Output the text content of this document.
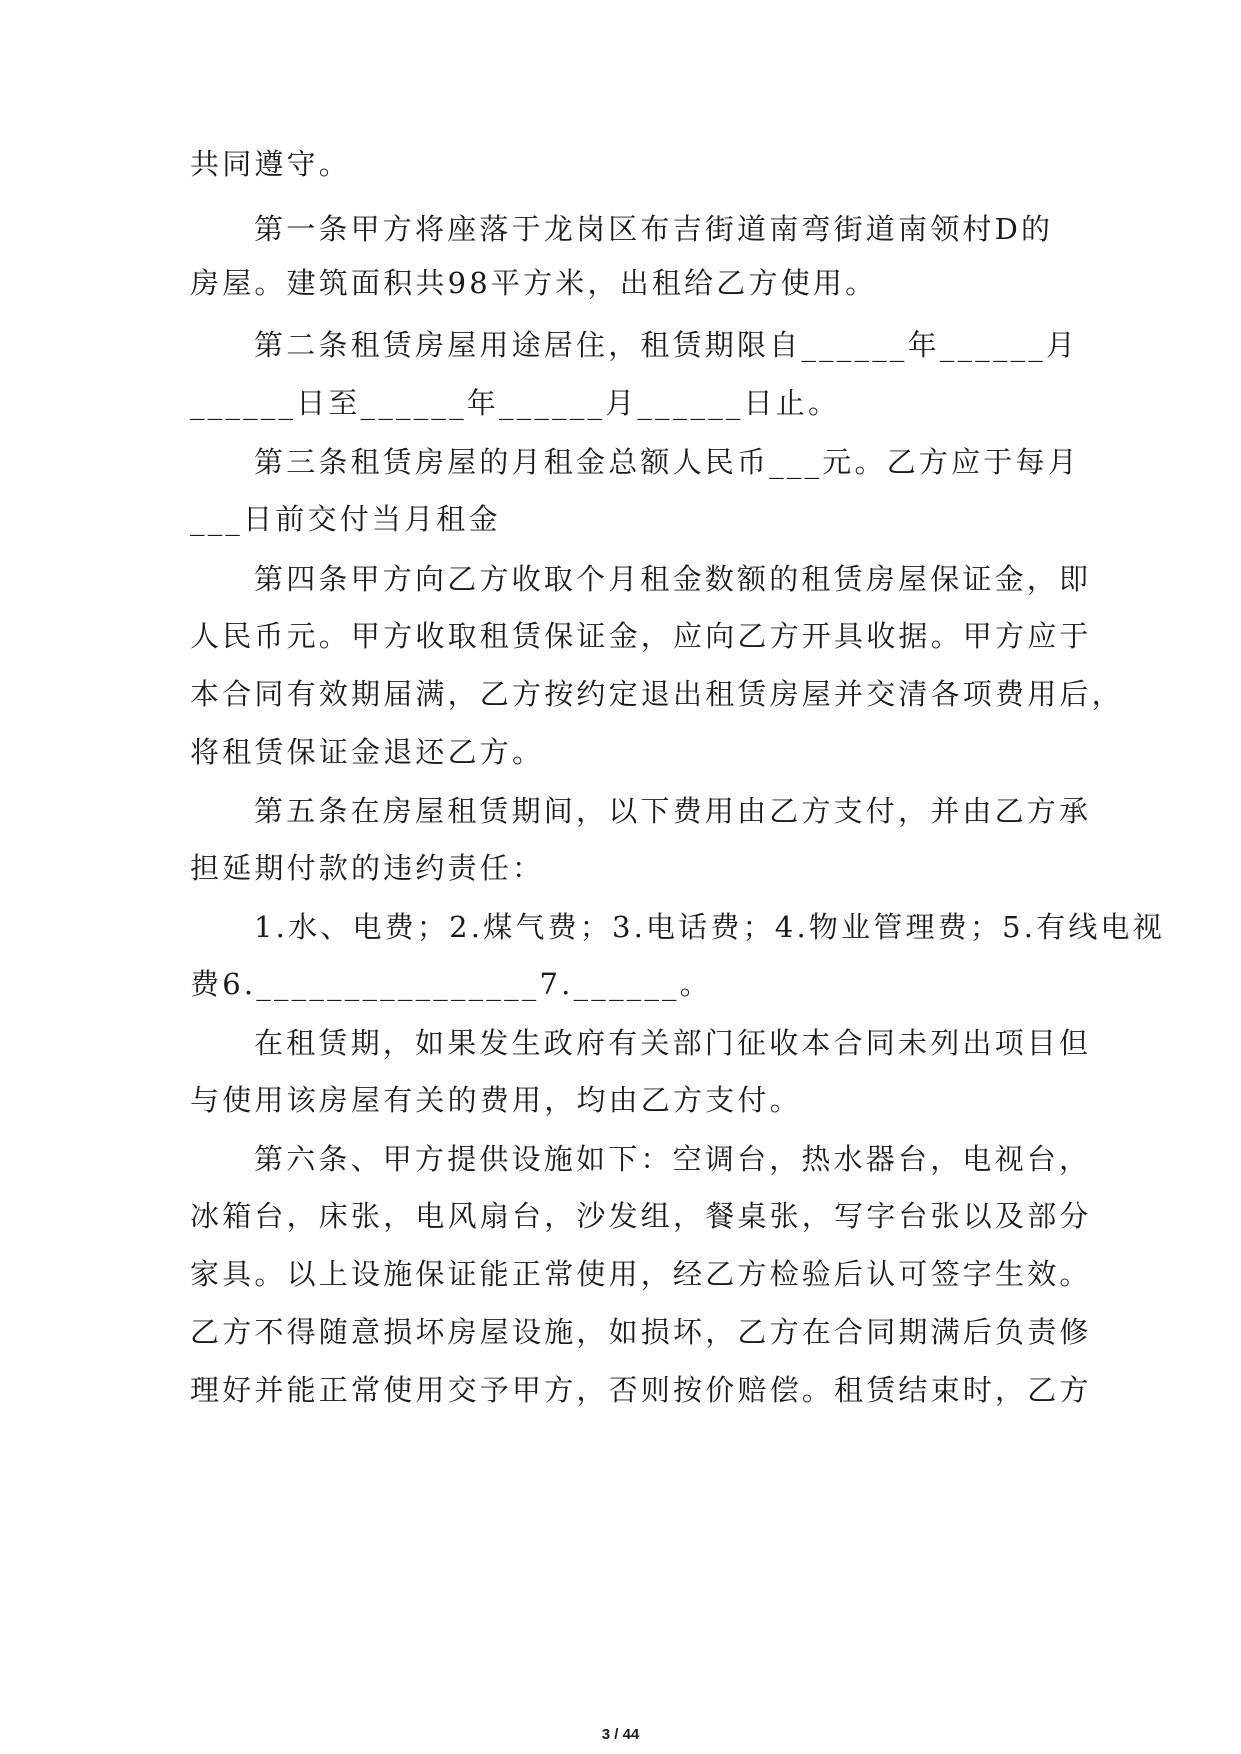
共同遵守。
第一条甲方将座落于龙岗区布吉街道南弯街道南领村D的
房屋。建筑面积共98平方米，出租给乙方使用。
第二条租赁房屋用途居住，租赁期限自______年______月
______日至______年______月______日止。
第三条租赁房屋的月租金总额人民币___元。乙方应于每月
___日前交付当月租金
第四条甲方向乙方收取个月租金数额的租赁房屋保证金，即
人民币元。甲方收取租赁保证金，应向乙方开具收据。甲方应于
本合同有效期届满，乙方按约定退出租赁房屋并交清各项费用后，
将租赁保证金退还乙方。
第五条在房屋租赁期间，以下费用由乙方支付，并由乙方承
担延期付款的违约责任：
1.水、电费；2.煤气费；3.电话费；4.物业管理费；5.有线电视
费6.________________7.______。
在租赁期，如果发生政府有关部门征收本合同未列出项目但
与使用该房屋有关的费用，均由乙方支付。
第六条、甲方提供设施如下：空调台，热水器台，电视台，
冰箱台，床张，电风扇台，沙发组，餐桌张，写字台张以及部分
家具。以上设施保证能正常使用，经乙方检验后认可签字生效。
乙方不得随意损坏房屋设施，如损坏，乙方在合同期满后负责修
理好并能正常使用交予甲方，否则按价赔偿。租赁结束时，乙方
3 / 44
